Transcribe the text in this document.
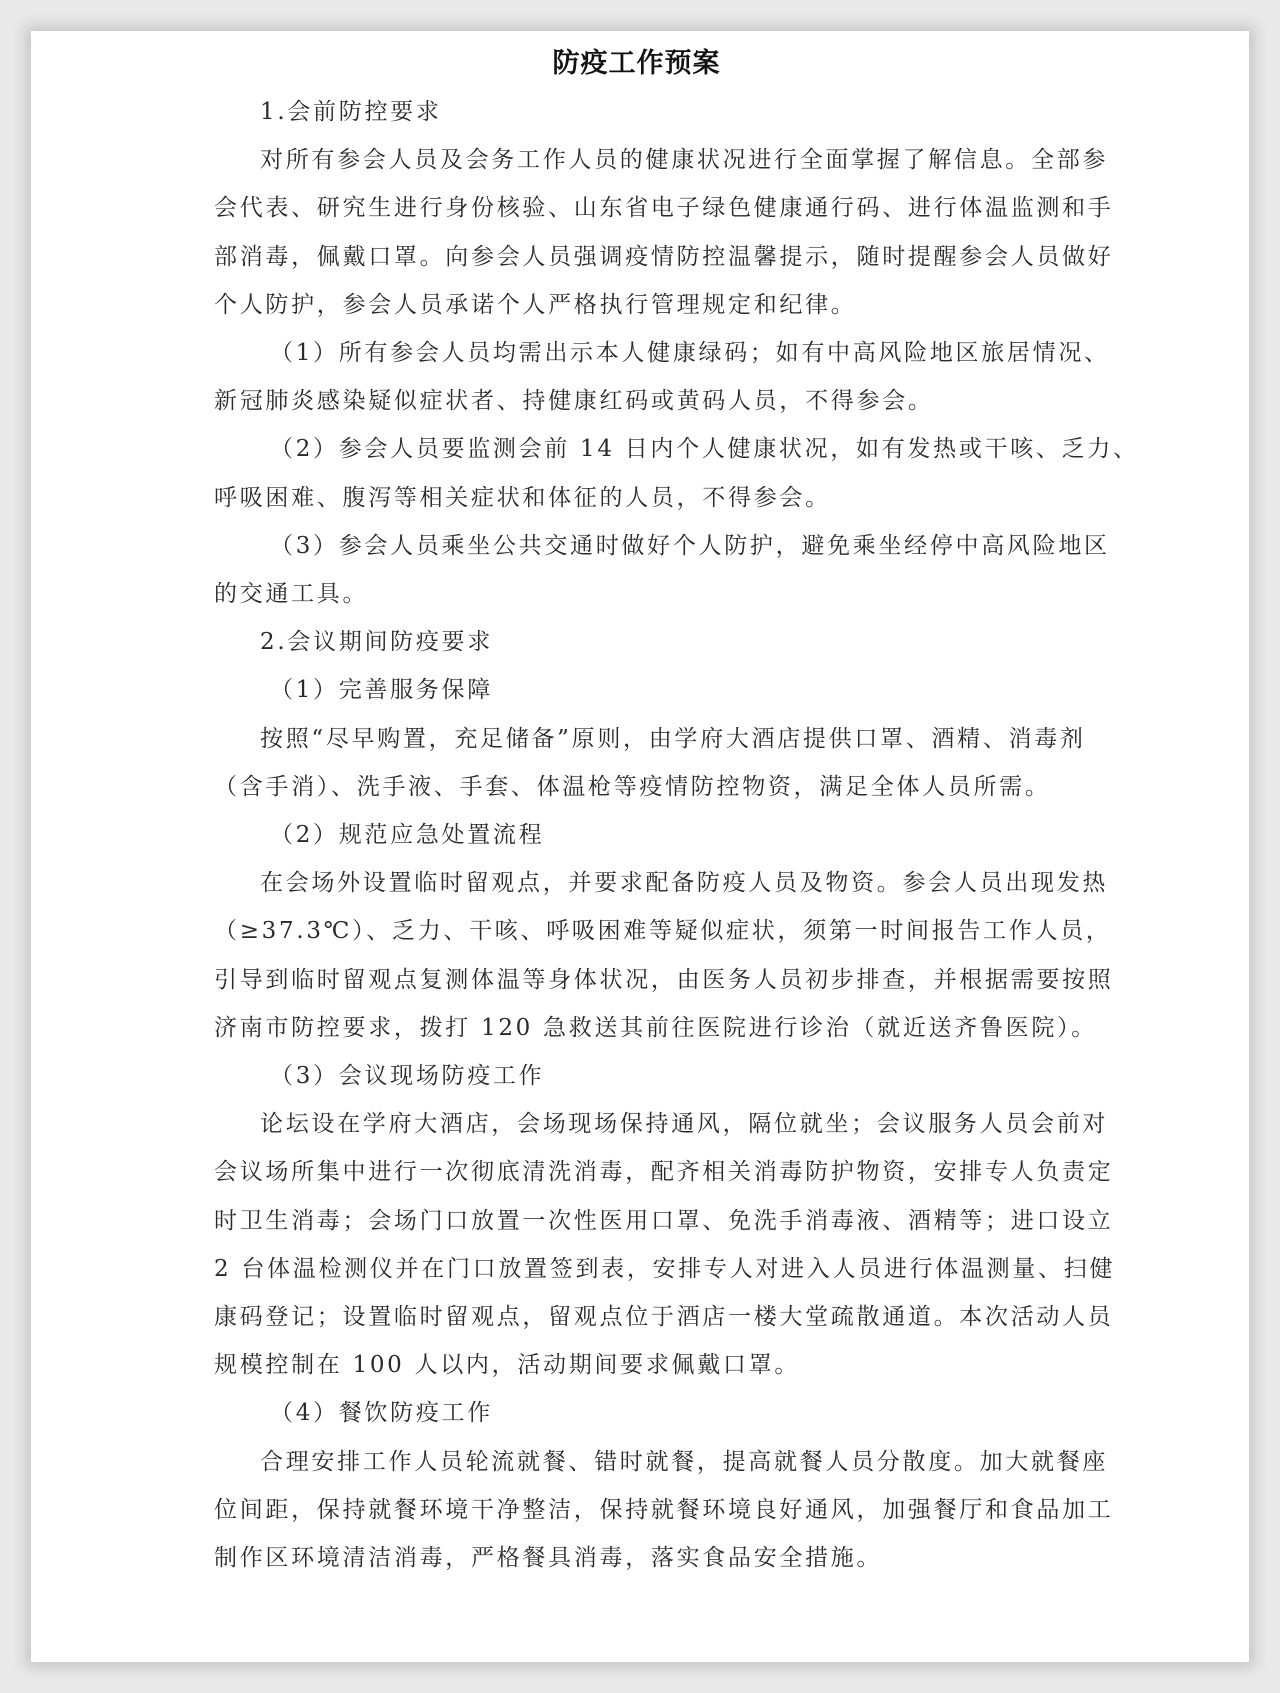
防疫工作预案
1.会前防控要求
对所有参会人员及会务工作人员的健康状况进行全面掌握了解信息。全部参
会代表、研究生进行身份核验、山东省电子绿色健康通行码、进行体温监测和手
部消毒，佩戴口罩。向参会人员强调疫情防控温馨提示，随时提醒参会人员做好
个人防护，参会人员承诺个人严格执行管理规定和纪律。
（1）所有参会人员均需出示本人健康绿码；如有中高风险地区旅居情况、
新冠肺炎感染疑似症状者、持健康红码或黄码人员，不得参会。
（2）参会人员要监测会前 14 日内个人健康状况，如有发热或干咳、乏力、
呼吸困难、腹泻等相关症状和体征的人员，不得参会。
（3）参会人员乘坐公共交通时做好个人防护，避免乘坐经停中高风险地区
的交通工具。
2.会议期间防疫要求
（1）完善服务保障
按照“尽早购置，充足储备”原则，由学府大酒店提供口罩、酒精、消毒剂
（含手消）、洗手液、手套、体温枪等疫情防控物资，满足全体人员所需。
（2）规范应急处置流程
在会场外设置临时留观点，并要求配备防疫人员及物资。参会人员出现发热
（≥37.3℃）、乏力、干咳、呼吸困难等疑似症状，须第一时间报告工作人员，
引导到临时留观点复测体温等身体状况，由医务人员初步排查，并根据需要按照
济南市防控要求，拨打 120 急救送其前往医院进行诊治（就近送齐鲁医院）。
（3）会议现场防疫工作
论坛设在学府大酒店，会场现场保持通风，隔位就坐；会议服务人员会前对
会议场所集中进行一次彻底清洗消毒，配齐相关消毒防护物资，安排专人负责定
时卫生消毒；会场门口放置一次性医用口罩、免洗手消毒液、酒精等；进口设立
2 台体温检测仪并在门口放置签到表，安排专人对进入人员进行体温测量、扫健
康码登记；设置临时留观点，留观点位于酒店一楼大堂疏散通道。本次活动人员
规模控制在 100 人以内，活动期间要求佩戴口罩。
（4）餐饮防疫工作
合理安排工作人员轮流就餐、错时就餐，提高就餐人员分散度。加大就餐座
位间距，保持就餐环境干净整洁，保持就餐环境良好通风，加强餐厅和食品加工
制作区环境清洁消毒，严格餐具消毒，落实食品安全措施。
